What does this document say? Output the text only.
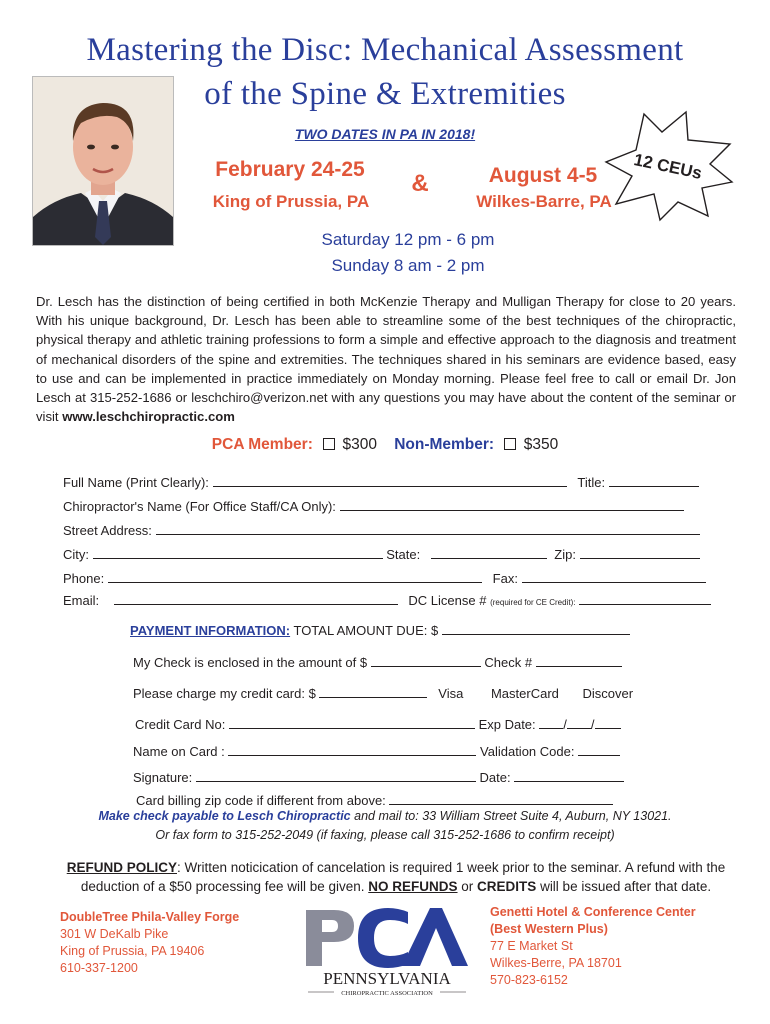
Mastering the Disc: Mechanical Assessment
of the Spine & Extremities
12 CEUs
TWO DATES IN PA IN 2018!
February 24-25
King of Prussia, PA
&	August 4-5
Wilkes-Barre, PA
Saturday 12 pm - 6 pm
Sunday 8 am - 2 pm
Dr. Lesch has the distinction of being certified in both McKenzie Therapy and Mulligan Therapy for close to 20 years. With his unique background, Dr. Lesch has been able to streamline some of the best techniques of the chiropractic, physical therapy and athletic training professions to form a simple and effective approach to the diagnosis and treatment of mechanical disorders of the spine and extremities. The techniques shared in his seminars are evidence based, easy to use and can be implemented in practice immediately on Monday morning. Please feel free to call or email Dr. Jon Lesch at 315-252-1686 or leschchiro@verizon.net with any questions you may have about the content of the seminar or visit www.leschchiropractic.com
PCA Member: $300 Non-Member: $350
Full Name (Print Clearly):	Title:
Chiropractor's Name (For Office Staff/CA Only):
Street Address:
City:	State:	Zip:
Phone:	Fax:
Email:	DC License # (required for CE Credit):
PAYMENT INFORMATION: TOTAL AMOUNT DUE: $
My Check is enclosed in the amount of $	Check #
Please charge my credit card: $	Visa MasterCard Discover
Credit Card No:	Exp Date: / /
Name on Card :	Validation Code:
Signature:	Date:
Card billing zip code if different from above:
Make check payable to Lesch Chiropractic and mail to: 33 William Street Suite 4, Auburn, NY 13021.
Or fax form to 315-252-2049 (if faxing, please call 315-252-1686 to confirm receipt)
REFUND POLICY: Written noticication of cancelation is required 1 week prior to the seminar. A refund with the deduction of a $50 processing fee will be given. NO REFUNDS or CREDITS will be issued after that date.
DoubleTree Phila-Valley Forge
301 W DeKalb Pike
King of Prussia, PA 19406
610-337-1200
PENNSYLVANIA
CHIROPRACTIC ASSOCIATION
Genetti Hotel & Conference Center
(Best Western Plus)
77 E Market St
Wilkes-Berre, PA 18701
570-823-6152
